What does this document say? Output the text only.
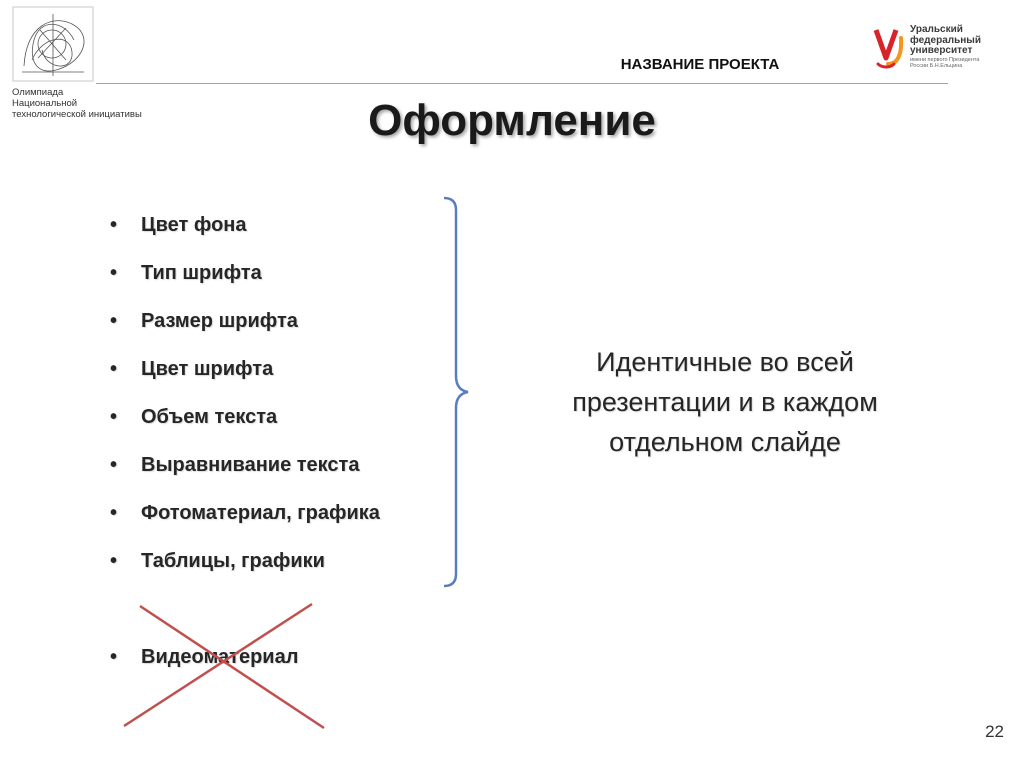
Олимпиада
Национальной
технологической инициативы
НАЗВАНИЕ ПРОЕКТА
Уральский
федеральный
университет
имени первого Президента
России Б.Н.Ельцина
Оформление
• Цвет фона
• Тип шрифта
• Размер шрифта
• Цвет шрифта
• Объем текста
• Выравнивание текста
• Фотоматериал, графика
• Таблицы, графики
• Видеоматериал
Идентичные во всей
презентации и в каждом
отдельном слайде
22
